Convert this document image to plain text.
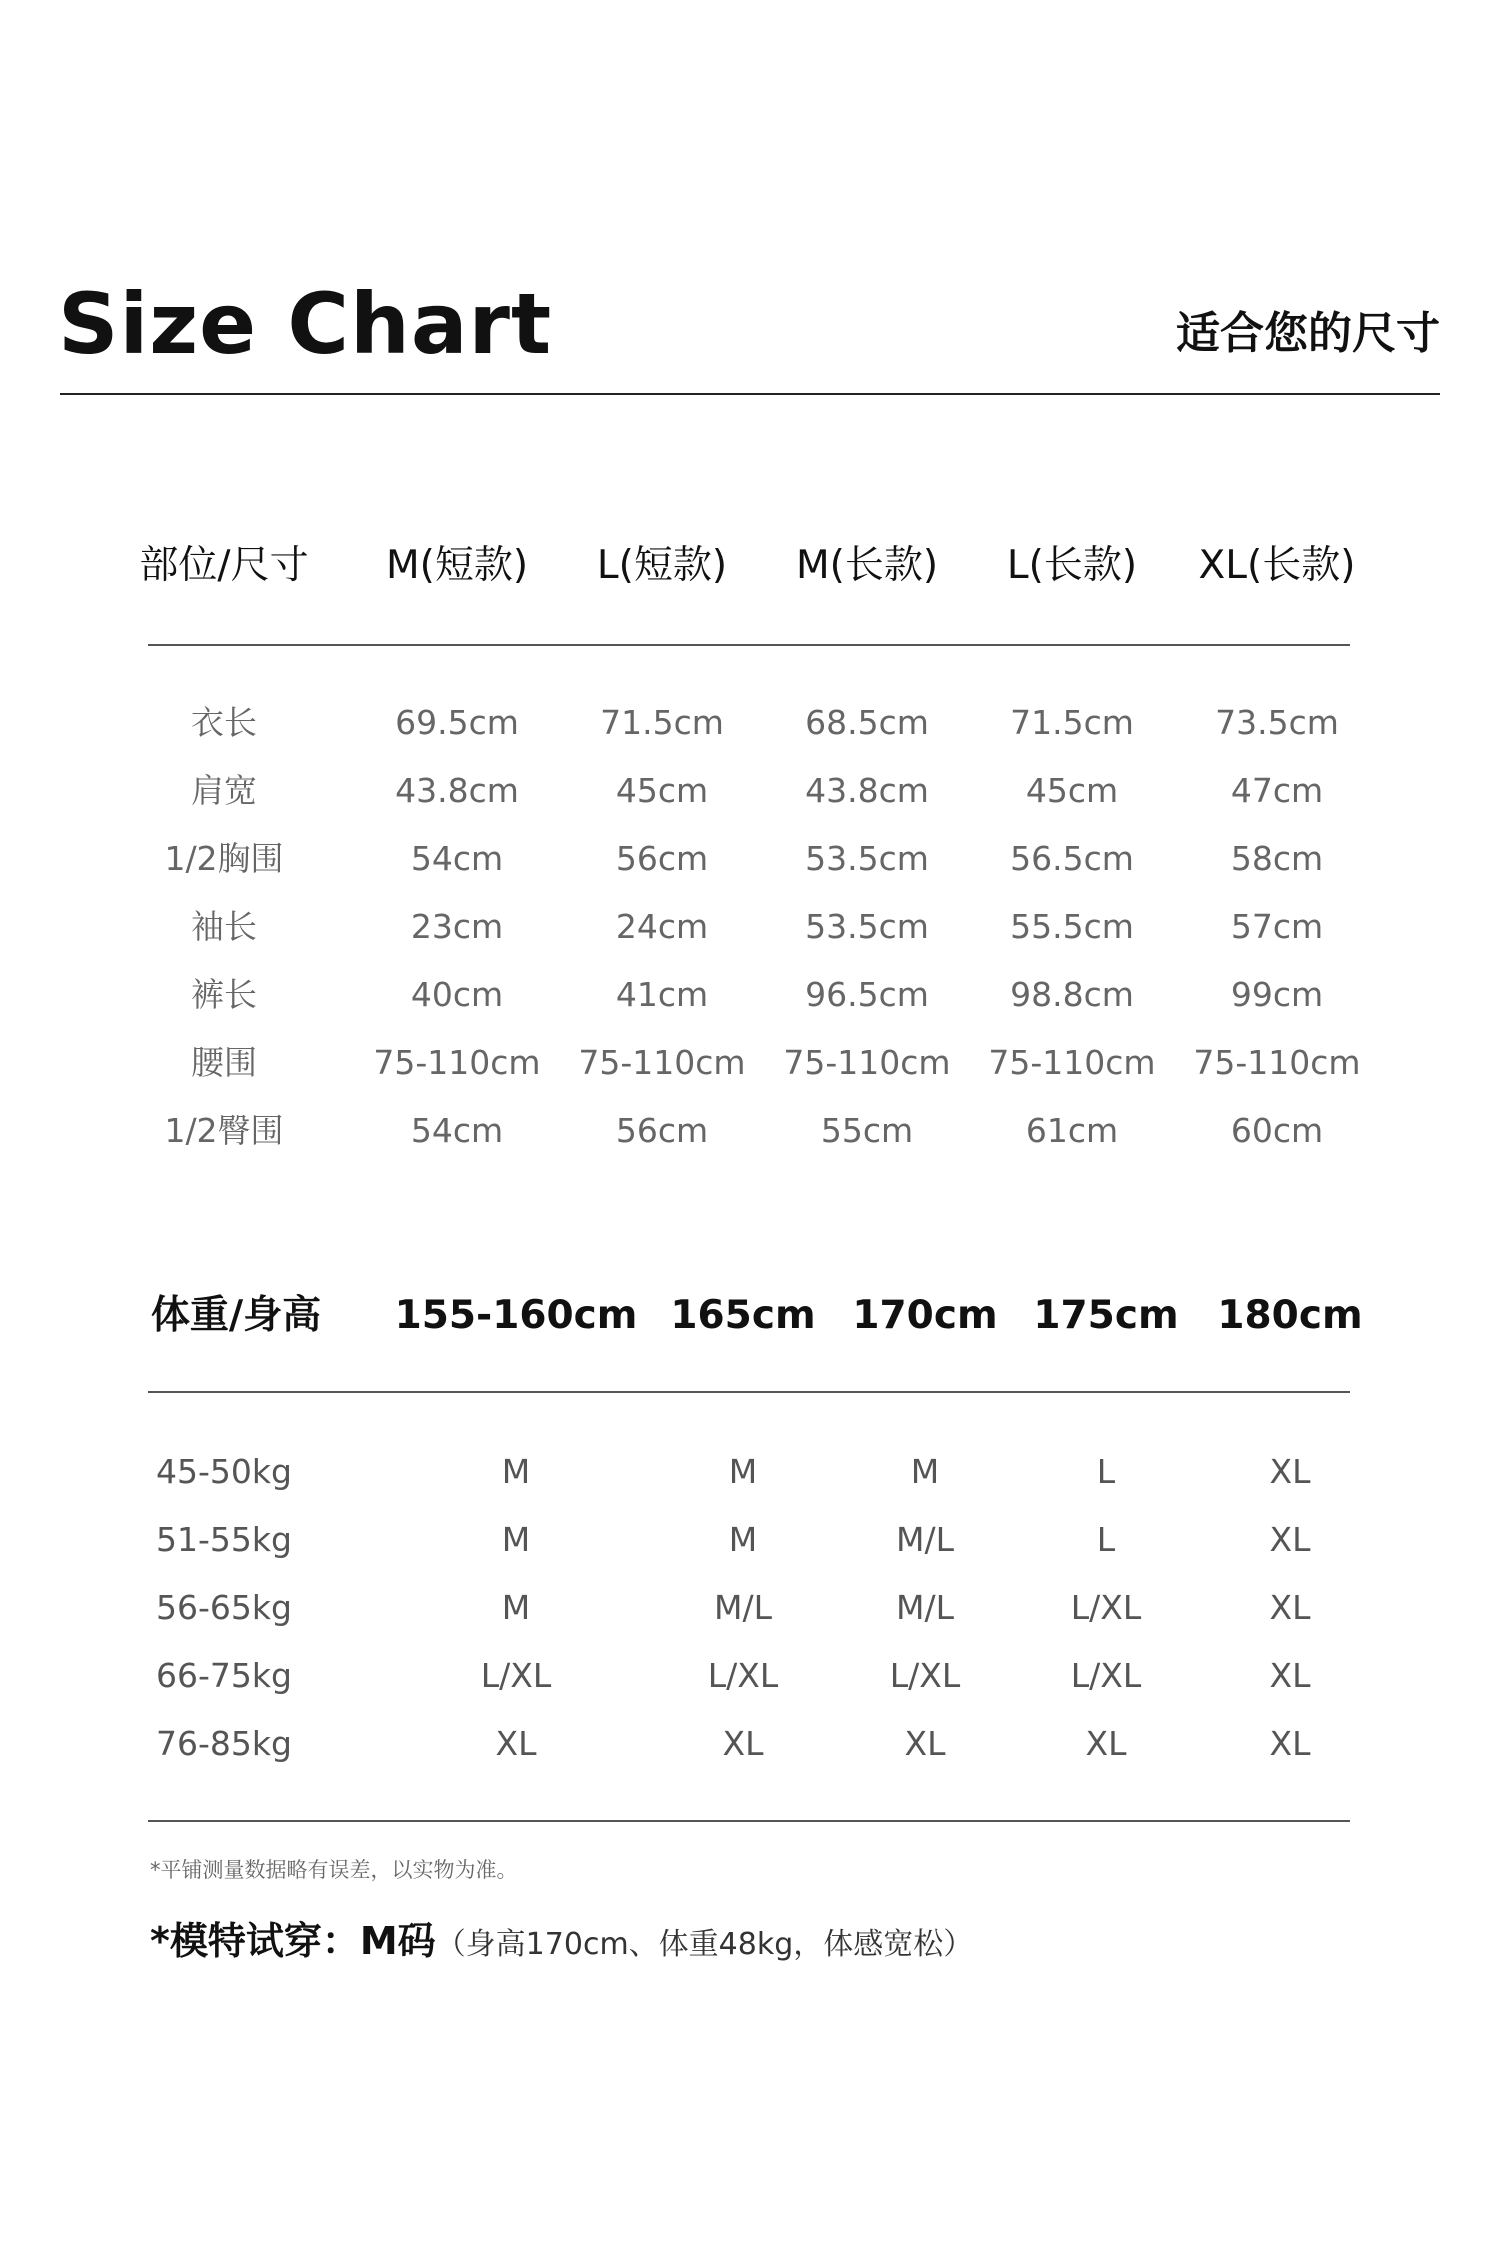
Size Chart	适合您的尺寸
部位/尺寸 M(短款) L(短款) M(长款) L(长款) XL(长款)
衣长	69.5cm 71.5cm 68.5cm 71.5cm 73.5cm
肩宽	43.8cm	45cm	43.8cm	45cm	47cm
1/2胸围	54cm	56cm	53.5cm 56.5cm	58cm
袖长	23cm	24cm	53.5cm 55.5cm	57cm
裤长	40cm	41cm	96.5cm 98.8cm	99cm
腰围	75-110cm 75-110cm 75-110cm 75-110cm 75-110cm
1/2臀围	54cm	56cm	55cm	61cm	60cm
体重/身高 155-160cm 165cm 170cm 175cm 180cm
45-50kg	M	M	M	L	XL
51-55kg	M	M	M/L	L	XL
56-65kg	M	M/L	M/L	L/XL	XL
66-75kg	L/XL	L/XL	L/XL	L/XL	XL
76-85kg	XL	XL	XL	XL	XL
*平铺测量数据略有误差，以实物为准。
*模特试穿：M码（身高170cm、体重48kg，体感宽松）
